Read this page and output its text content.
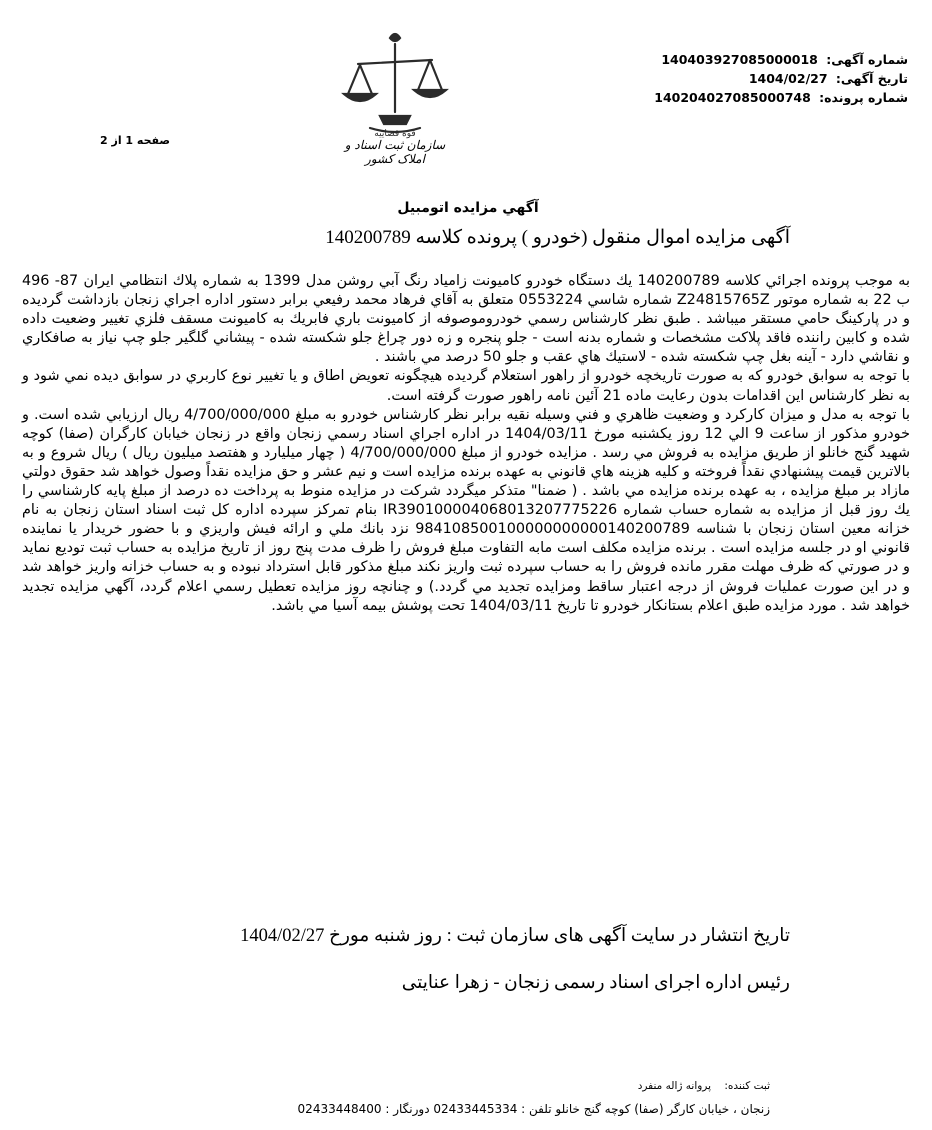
شماره آگهی: 140403927085000018
تاریخ آگهی: 1404/02/27
شماره پرونده: 140204027085000748
قوه قضاييه
سازمان ثبت اسناد و املاک کشور
صفحه 1 از 2
آگهي مزايده اتومبيل
آگهی مزایده اموال منقول (خودرو ) پرونده کلاسه 140200789

به موجب پرونده اجرائي كلاسه 140200789 يك دستگاه خودرو كاميونت زامياد رنگ آبي روشن مدل 1399 به شماره پلاك انتظامي ايران 87- 496 ب 22 به شماره موتور Z24815765Z شماره شاسي 0553224 متعلق به آقاي فرهاد محمد رفيعي برابر دستور اداره اجراي زنجان بازداشت گرديده و در پاركينگ حامي مستقر ميباشد . طبق نظر كارشناس رسمي خودروموصوفه از كاميونت باري فابريك به كاميونت مسقف فلزي تغيير وضعيت داده شده و كابين راننده فاقد پلاكت مشخصات و شماره بدنه است - جلو پنجره و زه دور چراغ جلو شكسته شده - پيشاني گلگير جلو چپ نياز به صافكاري و نقاشي دارد - آينه بغل چپ شكسته شده - لاستيك هاي عقب و جلو 50 درصد مي باشند .

با توجه به سوابق خودرو كه به صورت تاريخچه خودرو از راهور استعلام گرديده هيچگونه تعويض اطاق و يا تغيير نوع كاربري در سوابق ديده نمي شود و به نظر كارشناس اين اقدامات بدون رعايت ماده 21 آئين نامه راهور صورت گرفته است.

با توجه به مدل و ميزان كاركرد و وضعيت ظاهري و فني وسيله نقيه برابر نظر كارشناس خودرو به مبلغ 4/700/000/000 ريال ارزيابي شده است. و خودرو مذكور از ساعت 9 الي 12 روز يكشنبه مورخ 1404/03/11 در اداره اجراي اسناد رسمي زنجان واقع در زنجان خيابان كارگران (صفا) كوچه شهيد گنج خانلو از طريق مزايده به فروش مي رسد . مزايده خودرو از مبلغ 4/700/000/000 ( چهار ميليارد و هفتصد ميليون ريال ) ريال شروع و به بالاترين قيمت پيشنهادي نقداً فروخته و كليه هزينه هاي قانوني به عهده برنده مزايده است و نيم عشر و حق مزايده نقداً وصول خواهد شد حقوق دولتي مازاد بر مبلغ مزايده ، به عهده برنده مزايده مي باشد . ( ضمنا" متذكر ميگردد شركت در مزايده منوط به پرداخت ده درصد از مبلغ پايه كارشناسي را يك روز قبل از مزايده به شماره حساب شماره IR390100004068013207775226 بنام تمركز سپرده اداره كل ثبت اسناد استان زنجان به نام خزانه معين استان زنجان با شناسه 984108500100000000000140200789 نزد بانك ملي و ارائه فيش واريزي و با حضور خريدار يا نماينده قانوني او در جلسه مزايده است . برنده مزايده مكلف است مابه التفاوت مبلغ فروش را ظرف مدت پنج روز از تاريخ مزايده به حساب ثبت توديع نمايد و در صورتي كه ظرف مهلت مقرر مانده فروش را به حساب سپرده ثبت واريز نكند مبلغ مذكور قابل استرداد نبوده و به حساب خزانه واريز خواهد شد و در اين صورت عمليات فروش از درجه اعتبار ساقط ومزايده تجديد مي گردد.) و چنانچه روز مزايده تعطيل رسمي اعلام گردد، آگهي مزايده تجديد خواهد شد . مورد مزايده طبق اعلام بستانكار خودرو تا تاريخ 1404/03/11 تحت پوشش بيمه آسيا مي باشد.

تاریخ انتشار در سایت آگهی های سازمان ثبت : روز شنبه مورخ 1404/02/27
رئیس اداره اجرای اسناد رسمی زنجان - زهرا عنایتی
ثبت کننده: پروانه ژاله منفرد
زنجان ، خیابان کارگر (صفا) کوچه گنج خانلو تلفن : 02433445334 دورنگار : 02433448400
